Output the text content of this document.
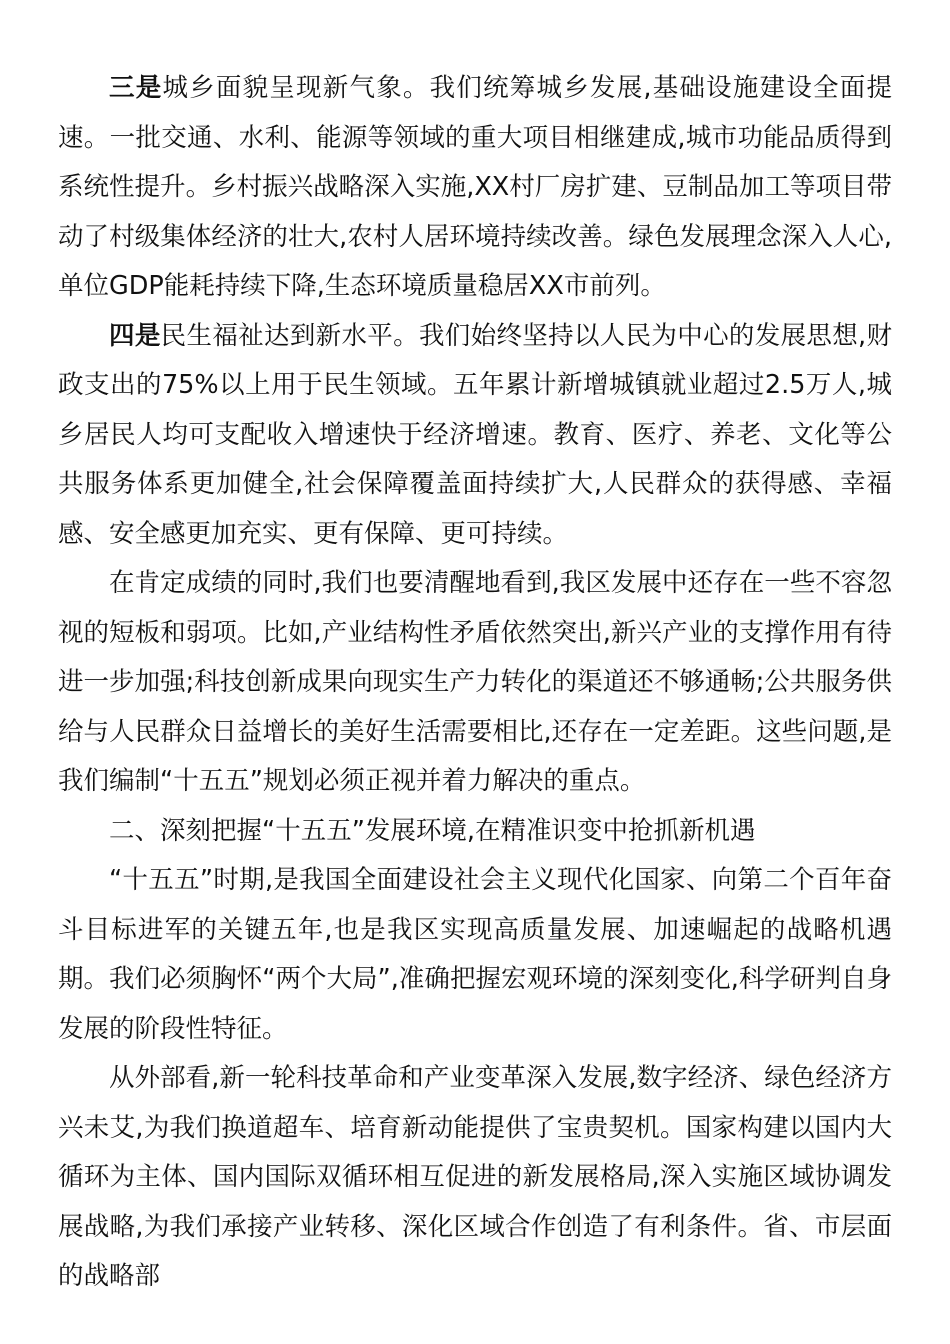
三是城乡面貌呈现新气象。我们统筹城乡发展,基础设施建设全面提速。一批交通、水利、能源等领域的重大项目相继建成,城市功能品质得到系统性提升。乡村振兴战略深入实施,XX村厂房扩建、豆制品加工等项目带动了村级集体经济的壮大,农村人居环境持续改善。绿色发展理念深入人心,单位GDP能耗持续下降,生态环境质量稳居XX市前列。

四是民生福祉达到新水平。我们始终坚持以人民为中心的发展思想,财政支出的75%以上用于民生领域。五年累计新增城镇就业超过2.5万人,城乡居民人均可支配收入增速快于经济增速。教育、医疗、养老、文化等公共服务体系更加健全,社会保障覆盖面持续扩大,人民群众的获得感、幸福感、安全感更加充实、更有保障、更可持续。

在肯定成绩的同时,我们也要清醒地看到,我区发展中还存在一些不容忽视的短板和弱项。比如,产业结构性矛盾依然突出,新兴产业的支撑作用有待进一步加强;科技创新成果向现实生产力转化的渠道还不够通畅;公共服务供给与人民群众日益增长的美好生活需要相比,还存在一定差距。这些问题,是我们编制“十五五”规划必须正视并着力解决的重点。

二、深刻把握“十五五”发展环境,在精准识变中抢抓新机遇

“十五五”时期,是我国全面建设社会主义现代化国家、向第二个百年奋斗目标进军的关键五年,也是我区实现高质量发展、加速崛起的战略机遇期。我们必须胸怀“两个大局”,准确把握宏观环境的深刻变化,科学研判自身发展的阶段性特征。

从外部看,新一轮科技革命和产业变革深入发展,数字经济、绿色经济方兴未艾,为我们换道超车、培育新动能提供了宝贵契机。国家构建以国内大循环为主体、国内国际双循环相互促进的新发展格局,深入实施区域协调发展战略,为我们承接产业转移、深化区域合作创造了有利条件。省、市层面的战略部
